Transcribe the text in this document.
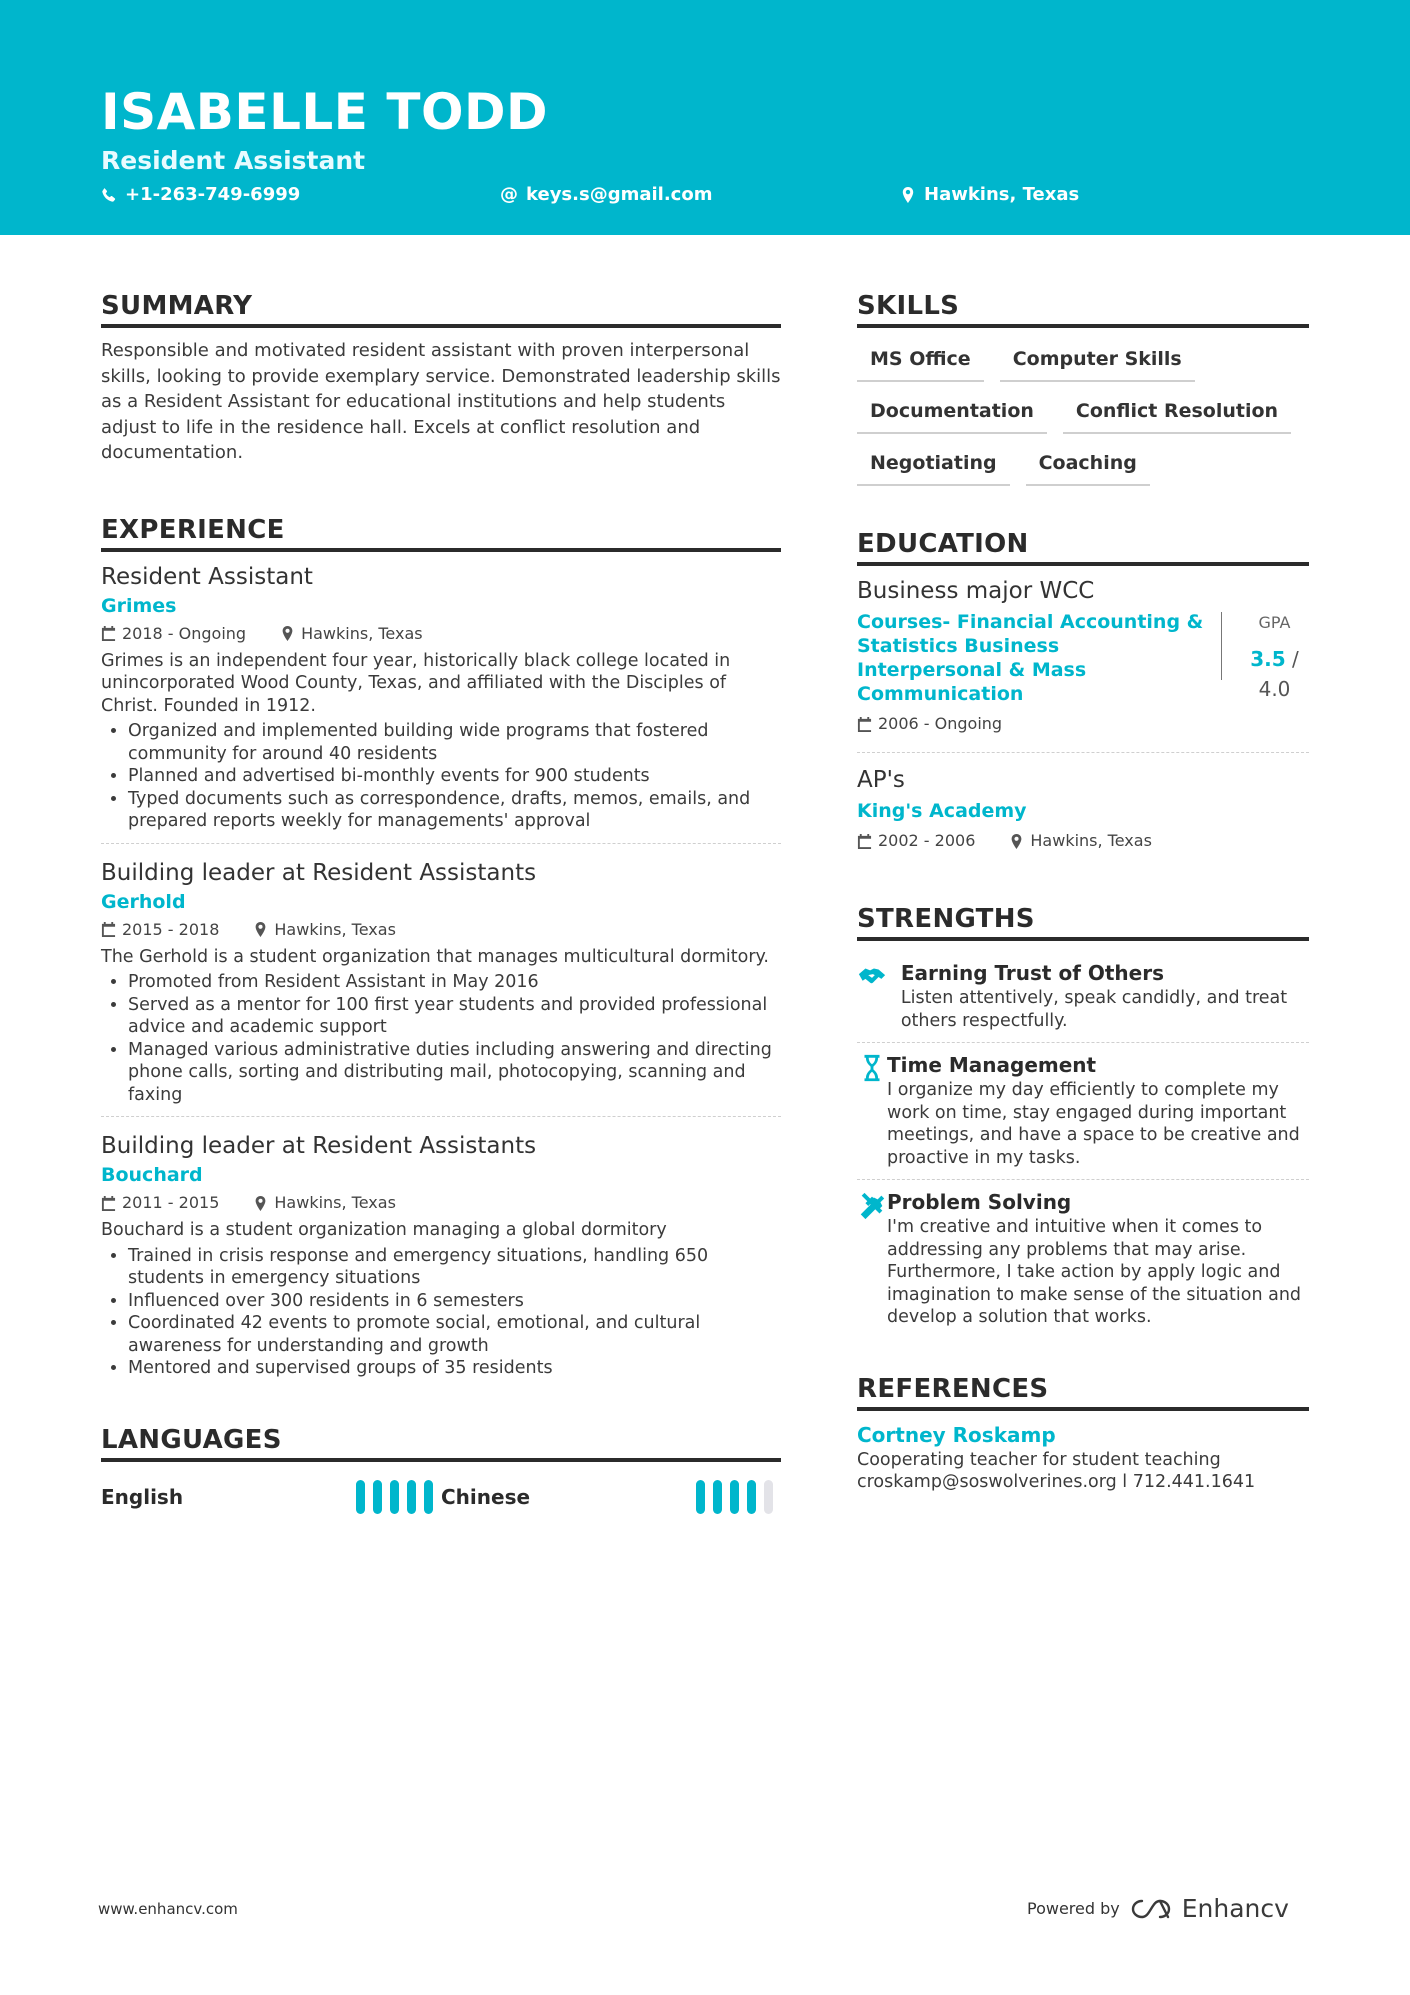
ISABELLE TODD
Resident Assistant
+1-263-749-6999	@ keys.s@gmail.com	Hawkins, Texas
SUMMARY

Responsible and motivated resident assistant with proven interpersonal skills, looking to provide exemplary service. Demonstrated leadership skills as a Resident Assistant for educational institutions and help students adjust to life in the residence hall. Excels at conflict resolution and documentation.

EXPERIENCE
Resident Assistant
Grimes
2018 - Ongoing	Hawkins, Texas

Grimes is an independent four year, historically black college located in unincorporated Wood County, Texas, and affiliated with the Disciples of Christ. Founded in 1912.

• Organized and implemented building wide programs that fostered community for around 40 residents
• Planned and advertised bi-monthly events for 900 students
• Typed documents such as correspondence, drafts, memos, emails, and prepared reports weekly for managements' approval
Building leader at Resident Assistants
Gerhold
2015 - 2018	Hawkins, Texas

The Gerhold is a student organization that manages multicultural dormitory.

• Promoted from Resident Assistant in May 2016
• Served as a mentor for 100 first year students and provided professional advice and academic support
• Managed various administrative duties including answering and directing phone calls, sorting and distributing mail, photocopying, scanning and faxing
Building leader at Resident Assistants
Bouchard
2011 - 2015	Hawkins, Texas

Bouchard is a student organization managing a global dormitory

• Trained in crisis response and emergency situations, handling 650 students in emergency situations
• Influenced over 300 residents in 6 semesters
• Coordinated 42 events to promote social, emotional, and cultural awareness for understanding and growth
• Mentored and supervised groups of 35 residents
LANGUAGES
English	Chinese
SKILLS
MS Office	Computer Skills
Documentation	Conflict Resolution
Negotiating	Coaching
EDUCATION
Business major WCC
Courses- Financial Accounting & Statistics Business Interpersonal & Mass Communication
2006 - Ongoing
GPA
3.5 / 4.0
AP's
King's Academy
2002 - 2006	Hawkins, Texas
STRENGTHS
Earning Trust of Others
Listen attentively, speak candidly, and treat others respectfully.
Time Management
I organize my day efficiently to complete my work on time, stay engaged during important meetings, and have a space to be creative and proactive in my tasks.
Problem Solving
I'm creative and intuitive when it comes to addressing any problems that may arise. Furthermore, I take action by apply logic and imagination to make sense of the situation and develop a solution that works.
REFERENCES
Cortney Roskamp
Cooperating teacher for student teaching
croskamp@soswolverines.org l 712.441.1641
www.enhancv.com	Powered by Enhancv
